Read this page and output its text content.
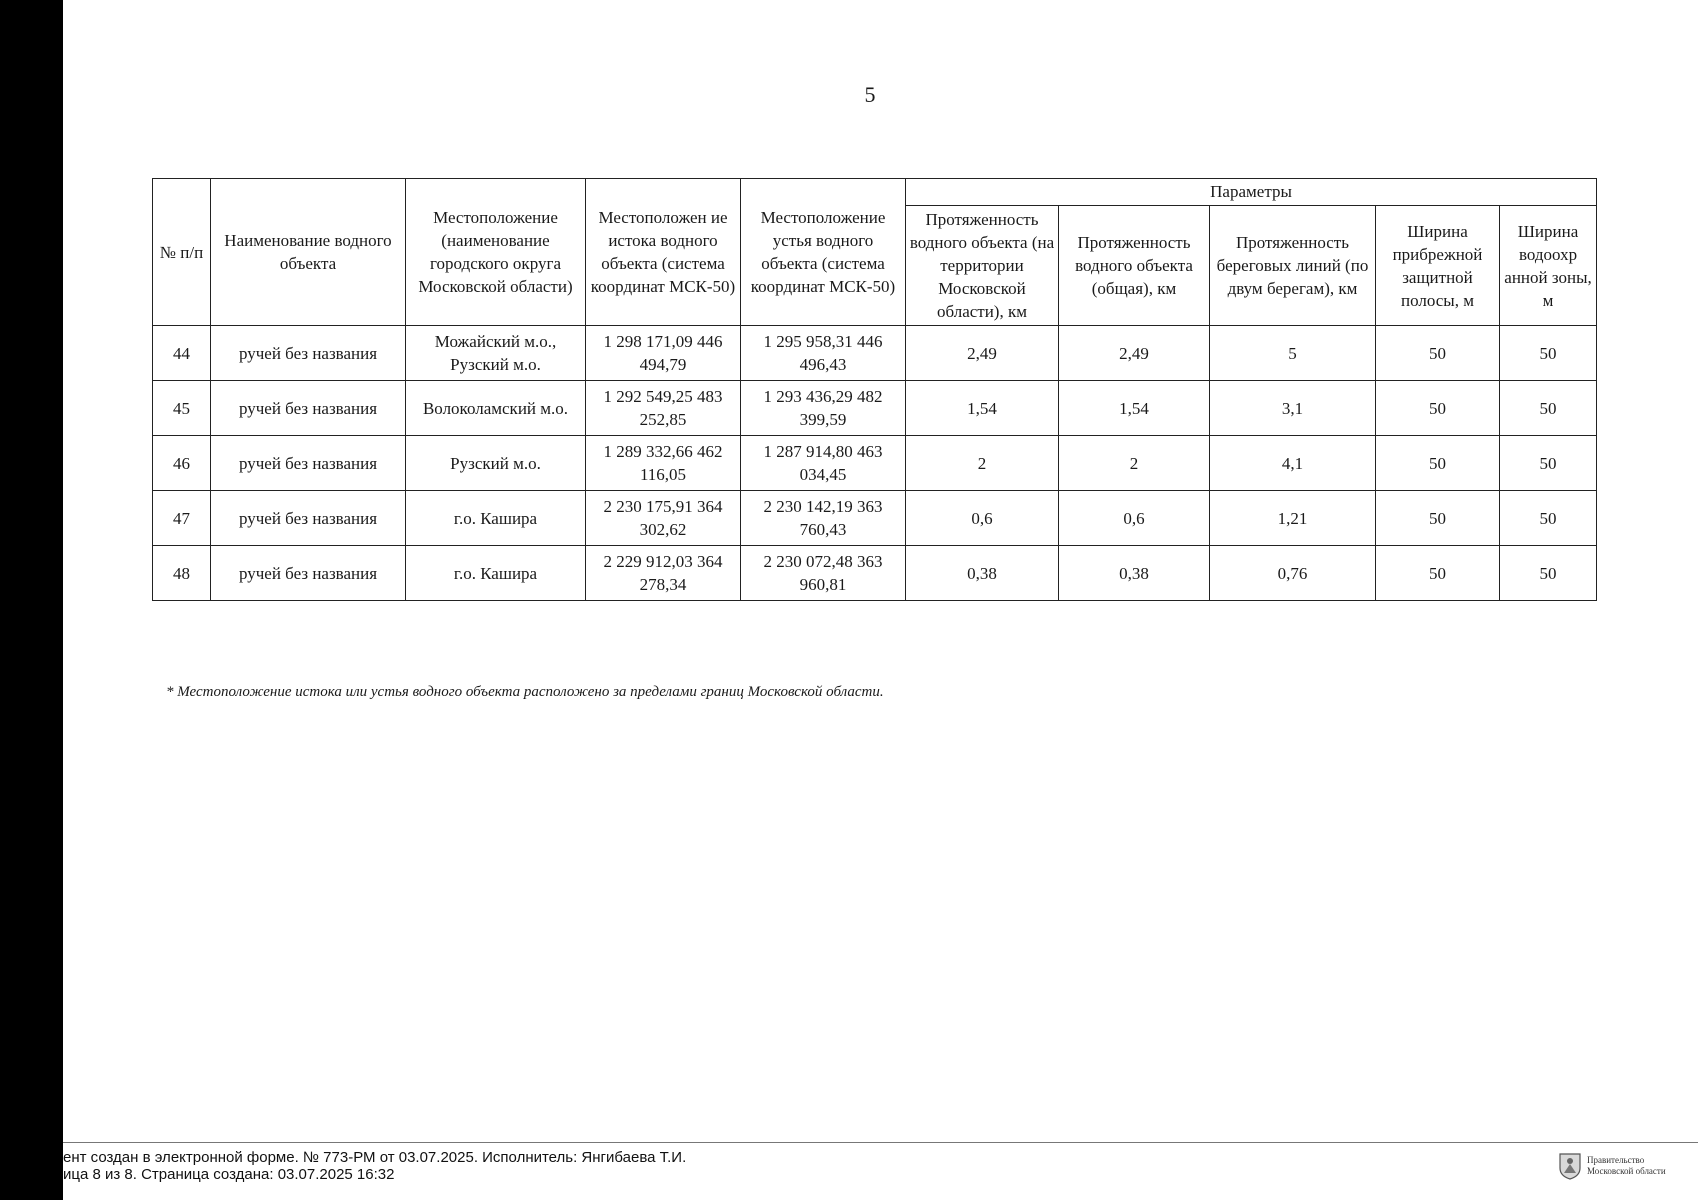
5
№ п/п	Наименование водного объекта	Местоположение (наименование городского округа Московской области)	Местоположен ие истока водного объекта (система координат МСК-50)	Местоположение устья водного объекта (система координат МСК-50)	Параметры				
					Протяженность водного объекта (на территории Московской области), км	Протяженность водного объекта (общая), км	Протяженность береговых линий (по двум берегам), км	Ширина прибрежной защитной полосы, м	Ширина водоохр анной зоны, м
44	ручей без названия	Можайский м.о., Рузский м.о.	1 298 171,09 446 494,79	1 295 958,31 446 496,43	2,49	2,49	5	50	50
45	ручей без названия	Волоколамский м.о.	1 292 549,25 483 252,85	1 293 436,29 482 399,59	1,54	1,54	3,1	50	50
46	ручей без названия	Рузский м.о.	1 289 332,66 462 116,05	1 287 914,80 463 034,45	2	2	4,1	50	50
47	ручей без названия	г.о. Кашира	2 230 175,91 364 302,62	2 230 142,19 363 760,43	0,6	0,6	1,21	50	50
48	ручей без названия	г.о. Кашира	2 229 912,03 364 278,34	2 230 072,48 363 960,81	0,38	0,38	0,76	50	50
* Местоположение истока или устья водного объекта расположено за пределами границ Московской области.
ент создан в электронной форме. № 773-РМ от 03.07.2025. Исполнитель: Янгибаева Т.И.
ица 8 из 8. Страница создана: 03.07.2025 16:32
Правительство
Московской области
